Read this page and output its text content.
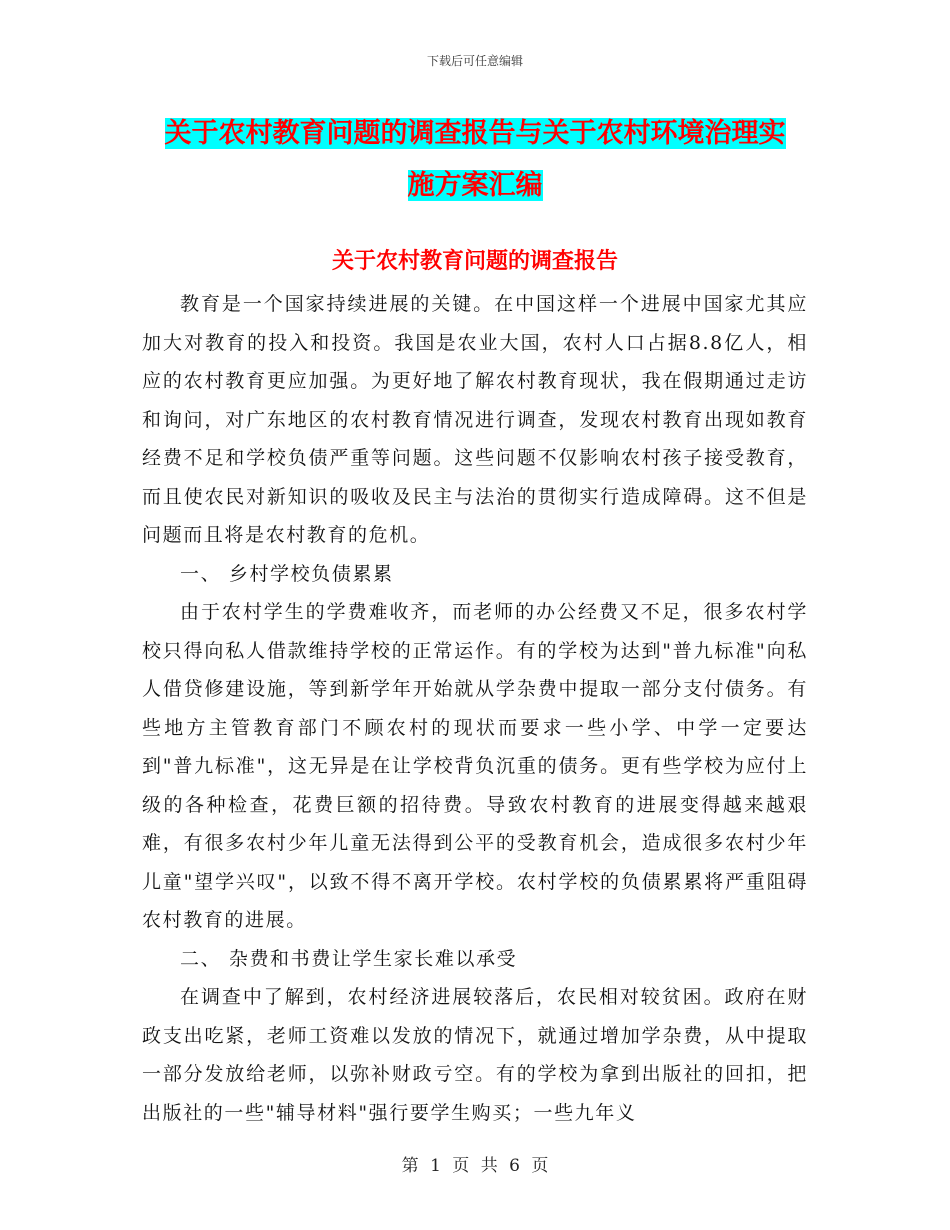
下载后可任意编辑
关于农村教育问题的调查报告与关于农村环境治理实
施方案汇编
关于农村教育问题的调查报告

教育是一个国家持续进展的关键。在中国这样一个进展中国家尤其应加大对教育的投入和投资。我国是农业大国，农村人口占据8.8亿人，相应的农村教育更应加强。为更好地了解农村教育现状，我在假期通过走访和询问，对广东地区的农村教育情况进行调查，发现农村教育出现如教育经费不足和学校负债严重等问题。这些问题不仅影响农村孩子接受教育，而且使农民对新知识的吸收及民主与法治的贯彻实行造成障碍。这不但是问题而且将是农村教育的危机。

一、 乡村学校负债累累

由于农村学生的学费难收齐，而老师的办公经费又不足，很多农村学校只得向私人借款维持学校的正常运作。有的学校为达到"普九标准"向私人借贷修建设施，等到新学年开始就从学杂费中提取一部分支付债务。有些地方主管教育部门不顾农村的现状而要求一些小学、中学一定要达到"普九标准"，这无异是在让学校背负沉重的债务。更有些学校为应付上级的各种检查，花费巨额的招待费。导致农村教育的进展变得越来越艰难，有很多农村少年儿童无法得到公平的受教育机会，造成很多农村少年儿童"望学兴叹"，以致不得不离开学校。农村学校的负债累累将严重阻碍农村教育的进展。

二、 杂费和书费让学生家长难以承受

在调查中了解到，农村经济进展较落后，农民相对较贫困。政府在财政支出吃紧，老师工资难以发放的情况下，就通过增加学杂费，从中提取一部分发放给老师，以弥补财政亏空。有的学校为拿到出版社的回扣，把出版社的一些"辅导材料"强行要学生购买；一些九年义

第 1 页 共 6 页
